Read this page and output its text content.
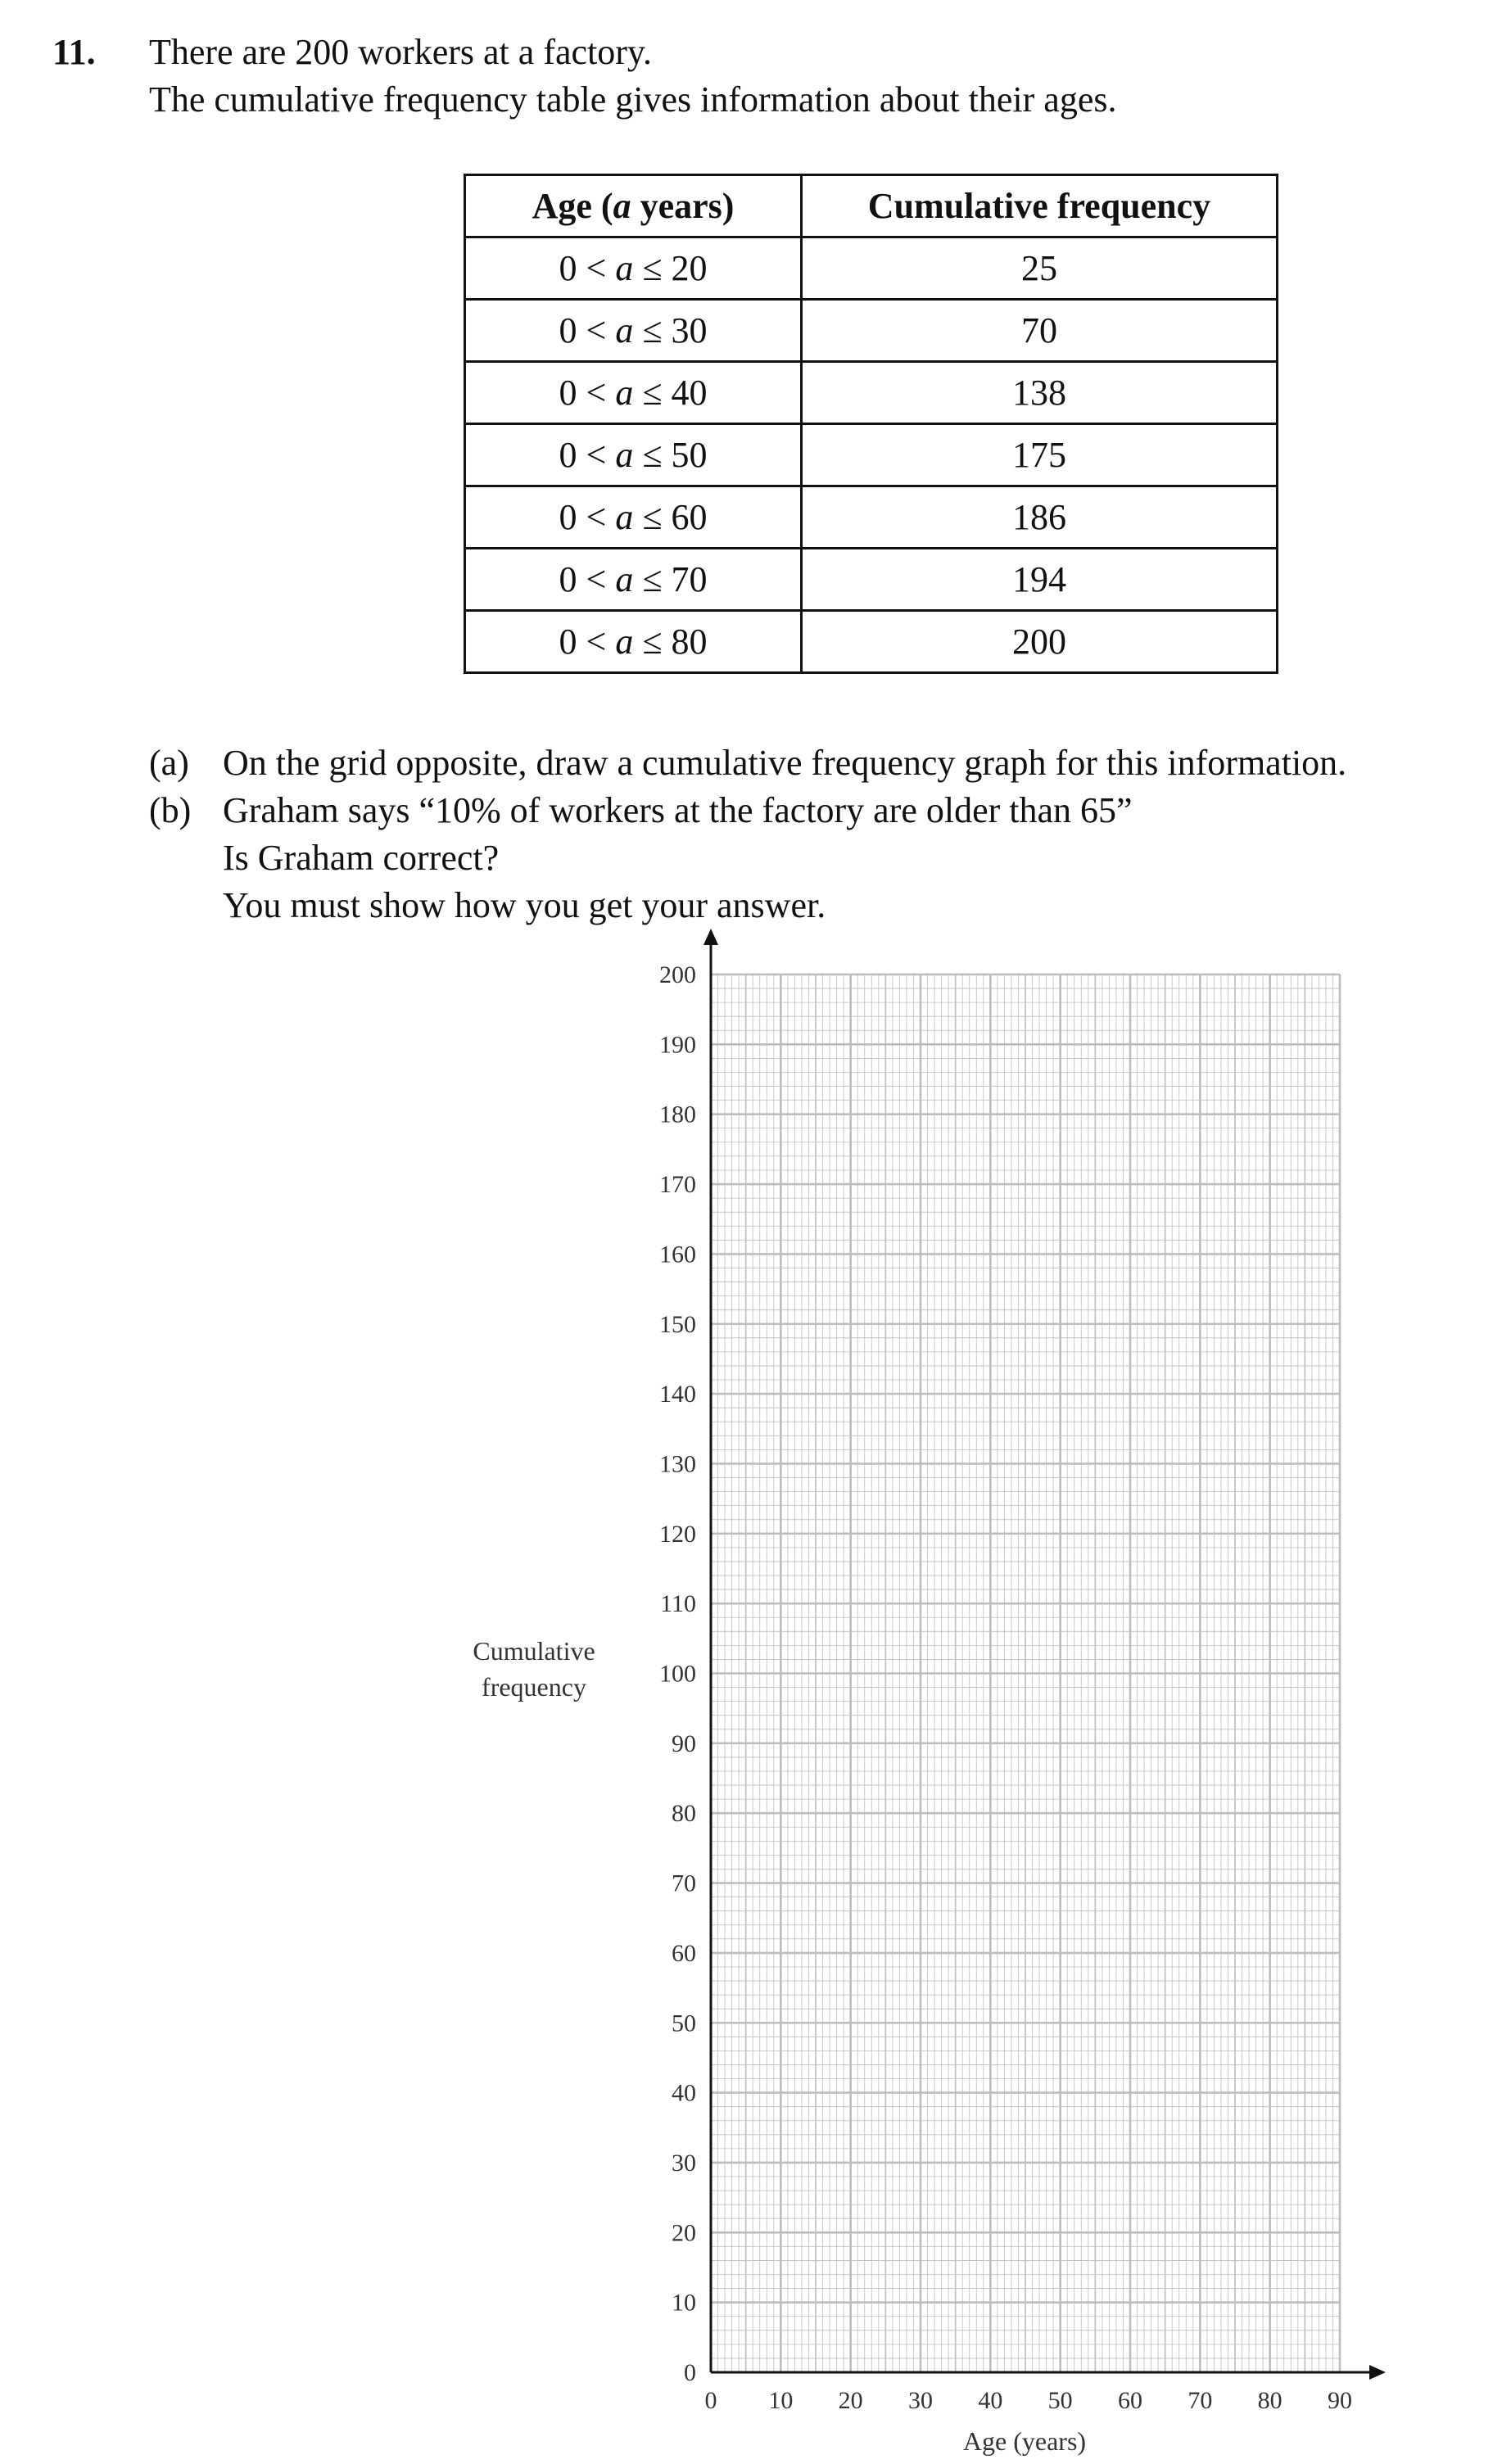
11. There are 200 workers at a factory.
The cumulative frequency table gives information about their ages.
Age (a years)	Cumulative frequency
0 < a ≤ 20	25
0 < a ≤ 30	70
0 < a ≤ 40	138
0 < a ≤ 50	175
0 < a ≤ 60	186
0 < a ≤ 70	194
0 < a ≤ 80	200
(a) On the grid opposite, draw a cumulative frequency graph for this information.
(b) Graham says “10% of workers at the factory are older than 65”
Is Graham correct?
You must show how you get your answer.
0 10 20 30 40 50 60 70 80 90
0
10
20
30
40
50
60
70
80
90
100
110
120
130
140
150
160
170
180
190
200
Cumulative
frequency
Age (years)
